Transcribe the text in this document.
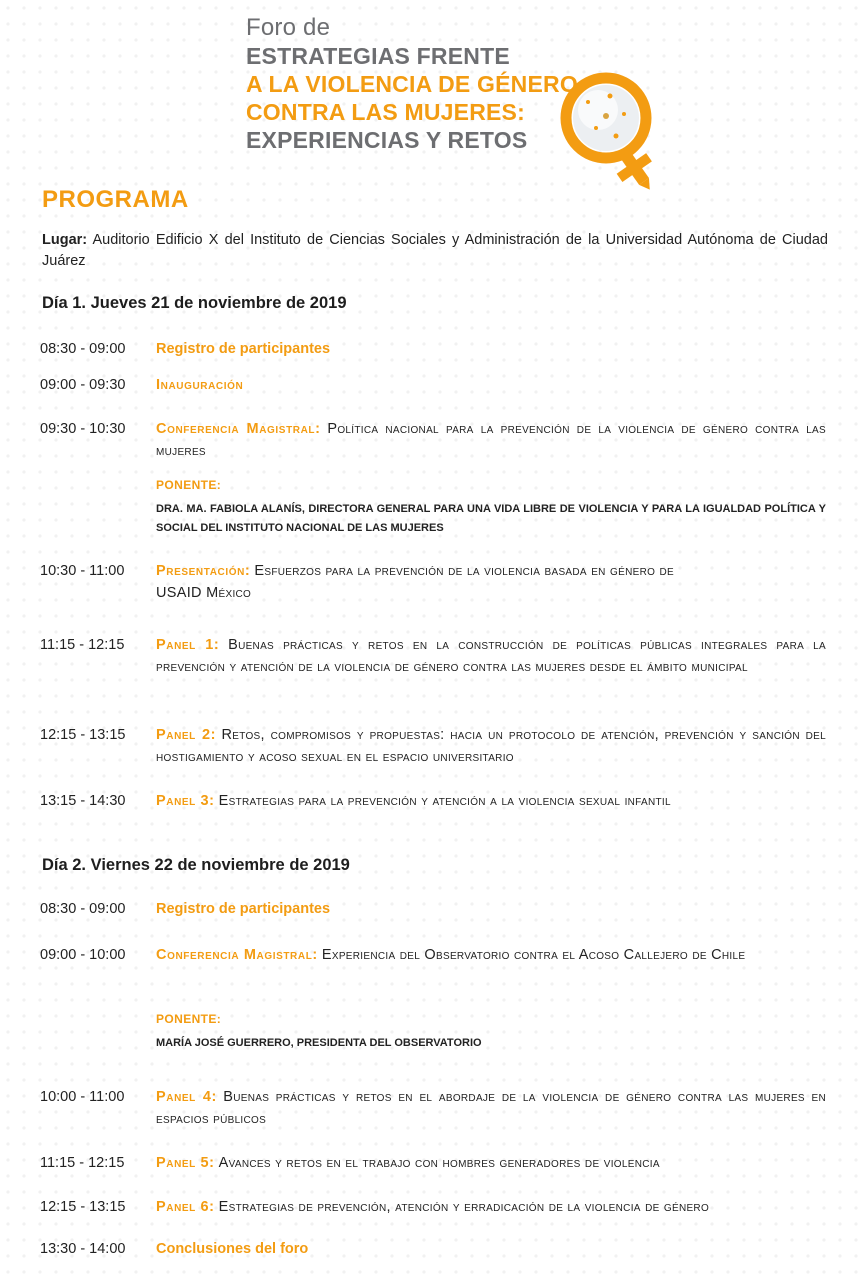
Foro de
ESTRATEGIAS FRENTE
A LA VIOLENCIA DE GÉNERO
CONTRA LAS MUJERES:
EXPERIENCIAS Y RETOS
PROGRAMA
Lugar: Auditorio Edificio X del Instituto de Ciencias Sociales y Administración de la Universidad Autónoma de Ciudad Juárez
Día 1. Jueves 21 de noviembre de 2019
08:30 - 09:00 Registro de participantes
09:00 - 09:30 Inauguración
09:30 - 10:30 Conferencia Magistral: Política nacional para la prevención de la violencia de género contra las mujeres
PONENTE:
DRA. MA. FABIOLA ALANÍS, DIRECTORA GENERAL PARA UNA VIDA LIBRE DE VIOLENCIA Y PARA LA IGUALDAD POLÍTICA Y SOCIAL DEL INSTITUTO NACIONAL DE LAS MUJERES
10:30 - 11:00 Presentación: Esfuerzos para la prevención de la violencia basada en género de
USAID México
11:15 - 12:15 Panel 1: Buenas prácticas y retos en la construcción de políticas públicas integrales para la prevención y atención de la violencia de género contra las mujeres desde el ámbito municipal
12:15 - 13:15 Panel 2: Retos, compromisos y propuestas: hacia un protocolo de atención, prevención y sanción del hostigamiento y acoso sexual en el espacio universitario
13:15 - 14:30 Panel 3: Estrategias para la prevención y atención a la violencia sexual infantil
Día 2. Viernes 22 de noviembre de 2019
08:30 - 09:00 Registro de participantes
09:00 - 10:00 Conferencia Magistral: Experiencia del Observatorio contra el Acoso Callejero de Chile
PONENTE:
MARÍA JOSÉ GUERRERO, PRESIDENTA DEL OBSERVATORIO
10:00 - 11:00 Panel 4: Buenas prácticas y retos en el abordaje de la violencia de género contra las mujeres en espacios públicos
11:15 - 12:15 Panel 5: Avances y retos en el trabajo con hombres generadores de violencia
12:15 - 13:15 Panel 6: Estrategias de prevención, atención y erradicación de la violencia de género
13:30 - 14:00 Conclusiones del foro
